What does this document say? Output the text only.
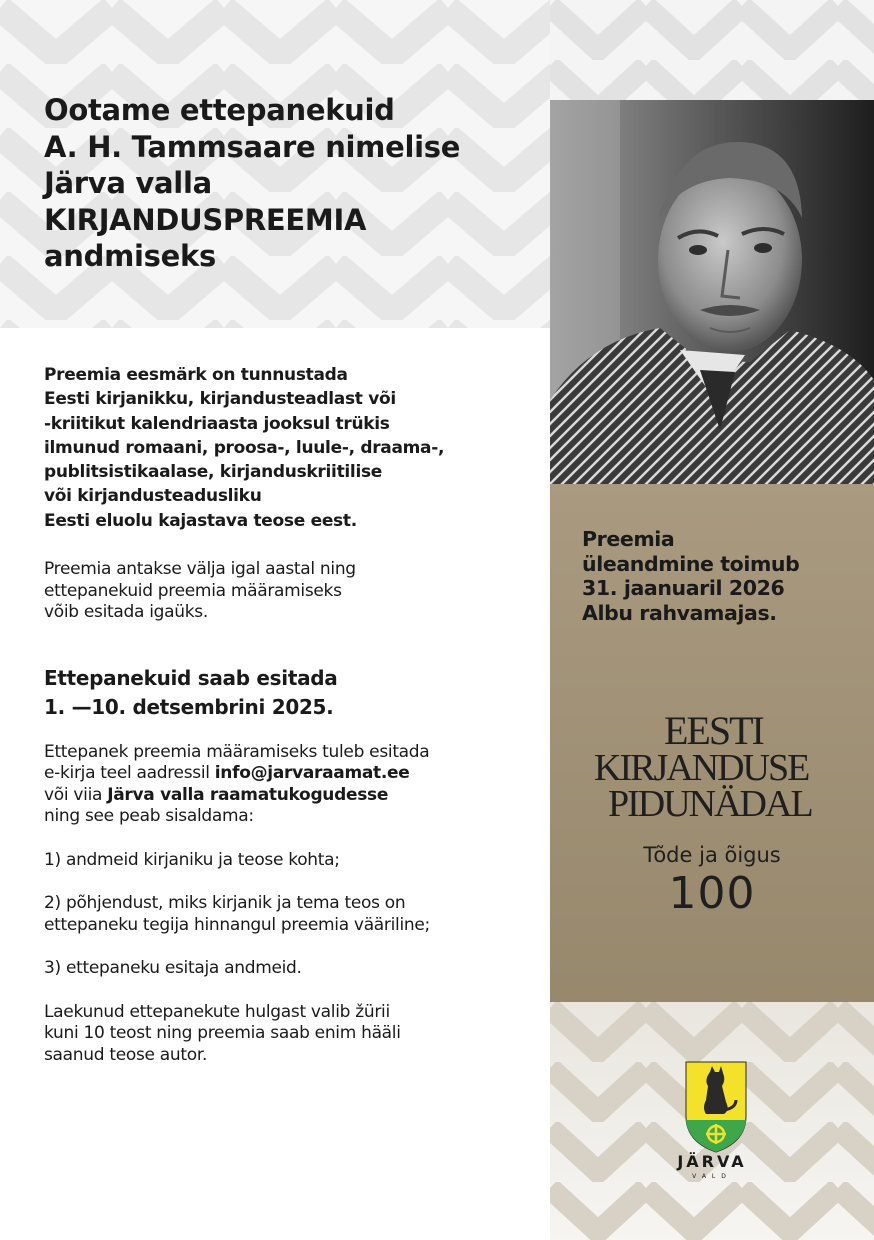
Ootame ettepanekuid
A. H. Tammsaare nimelise
Järva valla
KIRJANDUSPREEMIA
andmiseks
Preemia eesmärk on tunnustada
Eesti kirjanikku, kirjandusteadlast või
-kriitikut kalendriaasta jooksul trükis
ilmunud romaani, proosa-, luule-, draama-,
publitsistikaalase, kirjanduskriitilise
või kirjandusteadusliku
Eesti eluolu kajastava teose eest.
Preemia antakse välja igal aastal ning
ettepanekuid preemia määramiseks
võib esitada igaüks.
Ettepanekuid saab esitada
1. —10. detsembrini 2025.
Ettepanek preemia määramiseks tuleb esitada
e-kirja teel aadressil info@jarvaraamat.ee
või viia Järva valla raamatukogudesse
ning see peab sisaldama:
1) andmeid kirjaniku ja teose kohta;
2) põhjendust, miks kirjanik ja tema teos on
ettepaneku tegija hinnangul preemia vääriline;
3) ettepaneku esitaja andmeid.
Laekunud ettepanekute hulgast valib žürii
kuni 10 teost ning preemia saab enim hääli
saanud teose autor.
Preemia
üleandmine toimub
31. jaanuaril 2026
Albu rahvamajas.
EESTI
KIRJANDUSE
PIDUNÄDAL
Tõde ja õigus
100
JÄRVA
VALD
